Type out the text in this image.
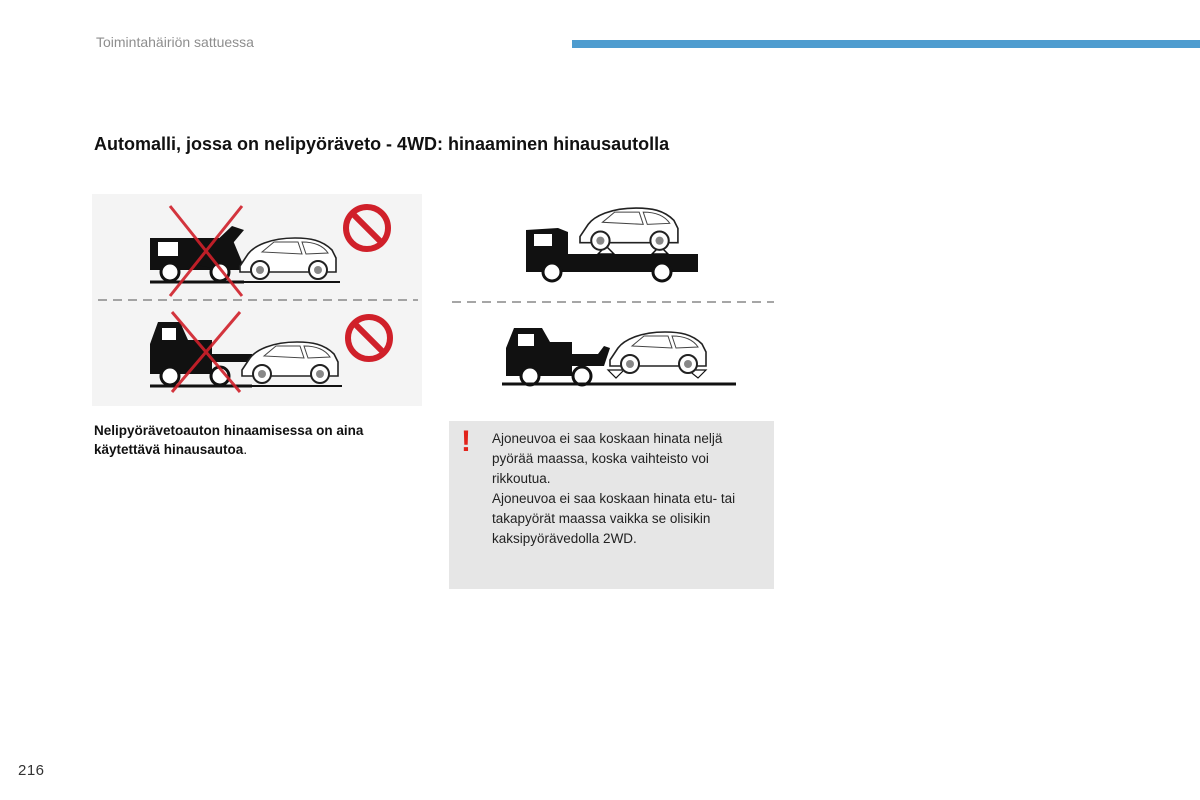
Toimintahäiriön sattuessa
Automalli, jossa on nelipyöräveto - 4WD: hinaaminen hinausautolla
Nelipyörävetoauton hinaamisessa on aina käytettävä hinausautoa.	! Ajoneuvoa ei saa koskaan hinata neljä pyörää maassa, koska vaihteisto voi rikkoutua.
Ajoneuvoa ei saa koskaan hinata etu- tai takapyörät maassa vaikka se olisikin kaksipyörävedolla 2WD.
216
